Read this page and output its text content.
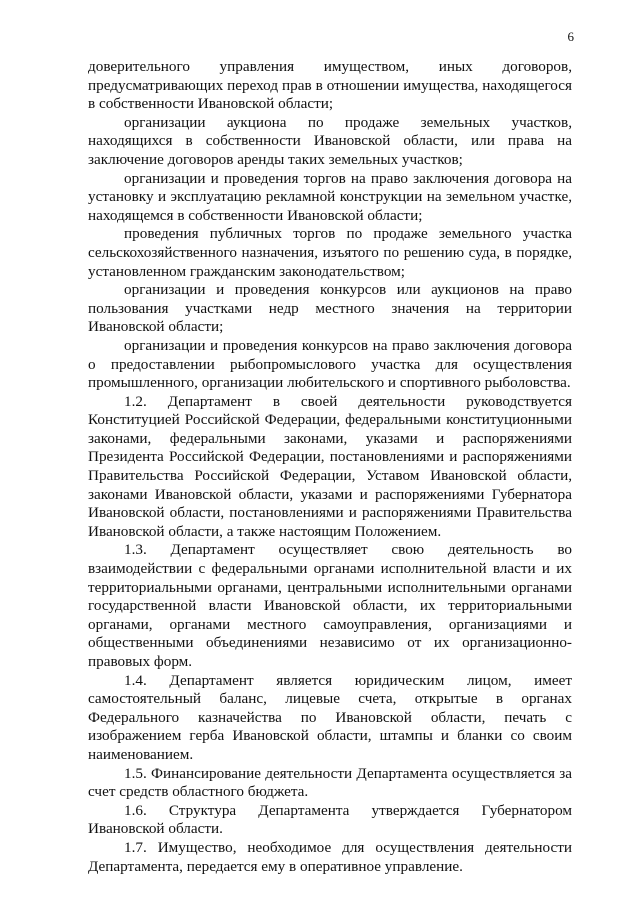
6

доверительного управления имуществом, иных договоров, предусматривающих переход прав в отношении имущества, находящегося в собственности Ивановской области;

организации аукциона по продаже земельных участков, находящихся в собственности Ивановской области, или права на заключение договоров аренды таких земельных участков;

организации и проведения торгов на право заключения договора на установку и эксплуатацию рекламной конструкции на земельном участке, находящемся в собственности Ивановской области;

проведения публичных торгов по продаже земельного участка сельскохозяйственного назначения, изъятого по решению суда, в порядке, установленном гражданским законодательством;

организации и проведения конкурсов или аукционов на право пользования участками недр местного значения на территории Ивановской области;

организации и проведения конкурсов на право заключения договора о предоставлении рыбопромыслового участка для осуществления промышленного, организации любительского и спортивного рыболовства.

1.2. Департамент в своей деятельности руководствуется Конституцией Российской Федерации, федеральными конституционными законами, федеральными законами, указами и распоряжениями Президента Российской Федерации, постановлениями и распоряжениями Правительства Российской Федерации, Уставом Ивановской области, законами Ивановской области, указами и распоряжениями Губернатора Ивановской области, постановлениями и распоряжениями Правительства Ивановской области, а также настоящим Положением.

1.3. Департамент осуществляет свою деятельность во взаимодействии с федеральными органами исполнительной власти и их территориальными органами, центральными исполнительными органами государственной власти Ивановской области, их территориальными органами, органами местного самоуправления, организациями и общественными объединениями независимо от их организационно-правовых форм.

1.4. Департамент является юридическим лицом, имеет самостоятельный баланс, лицевые счета, открытые в органах Федерального казначейства по Ивановской области, печать с изображением герба Ивановской области, штампы и бланки со своим наименованием.

1.5. Финансирование деятельности Департамента осуществляется за счет средств областного бюджета.

1.6. Структура Департамента утверждается Губернатором Ивановской области.

1.7. Имущество, необходимое для осуществления деятельности Департамента, передается ему в оперативное управление.
